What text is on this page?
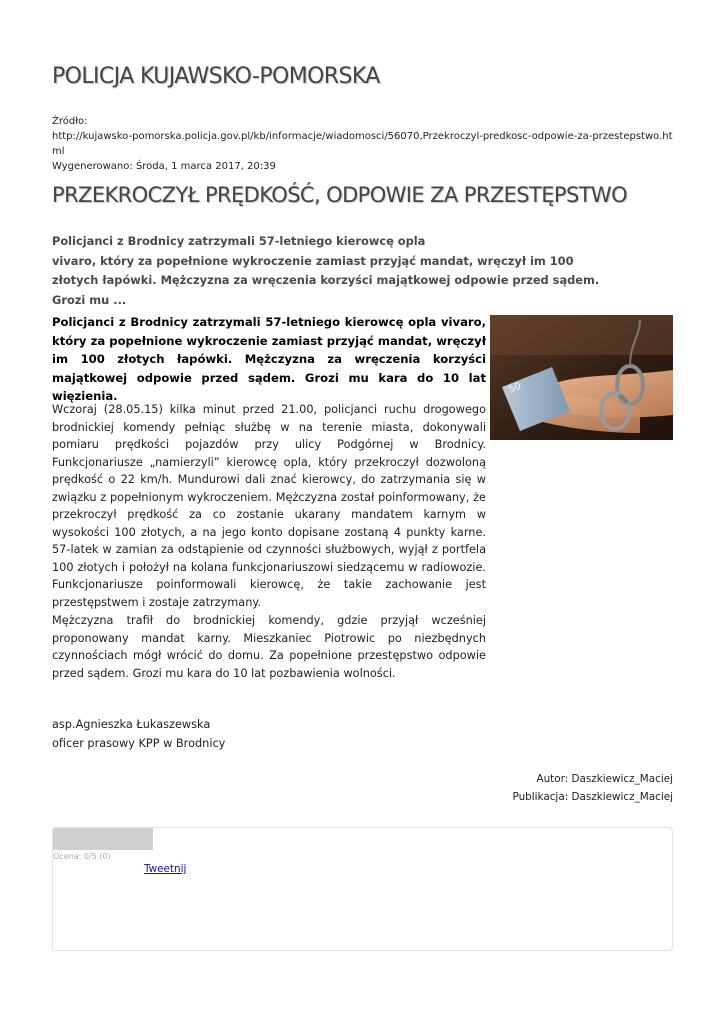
POLICJA KUJAWSKO-POMORSKA
Źródło:
http://kujawsko-pomorska.policja.gov.pl/kb/informacje/wiadomosci/56070,Przekroczyl-predkosc-odpowie-za-przestepstwo.html
Wygenerowano: Środa, 1 marca 2017, 20:39
PRZEKROCZYŁ PRĘDKOŚĆ, ODPOWIE ZA PRZESTĘPSTWO
Policjanci z Brodnicy zatrzymali 57-letniego kierowcę opla
vivaro, który za popełnione wykroczenie zamiast przyjąć mandat, wręczył im 100
złotych łapówki. Mężczyzna za wręczenia korzyści majątkowej odpowie przed sądem.
Grozi mu ...
50
Policjanci z Brodnicy zatrzymali 57-letniego kierowcę opla vivaro, który za popełnione wykroczenie zamiast przyjąć mandat, wręczył im 100 złotych łapówki. Mężczyzna za wręczenia korzyści majątkowej odpowie przed sądem. Grozi mu kara do 10 lat więzienia.
Wczoraj (28.05.15) kilka minut przed 21.00, policjanci ruchu drogowego brodnickiej komendy pełniąc służbę w na terenie miasta, dokonywali pomiaru prędkości pojazdów przy ulicy Podgórnej w Brodnicy. Funkcjonariusze „namierzyli” kierowcę opla, który przekroczył dozwoloną prędkość o 22 km/h. Mundurowi dali znać kierowcy, do zatrzymania się w związku z popełnionym wykroczeniem. Mężczyzna został poinformowany, że przekroczył prędkość za co zostanie ukarany mandatem karnym w wysokości 100 złotych, a na jego konto dopisane zostaną 4 punkty karne. 57-latek w zamian za odstąpienie od czynności służbowych, wyjął z portfela 100 złotych i położył na kolana funkcjonariuszowi siedzącemu w radiowozie. Funkcjonariusze poinformowali kierowcę, że takie zachowanie jest przestępstwem i zostaje zatrzymany.
Mężczyzna trafił do brodnickiej komendy, gdzie przyjął wcześniej proponowany mandat karny. Mieszkaniec Piotrowic po niezbędnych czynnościach mógł wrócić do domu. Za popełnione przestępstwo odpowie przed sądem. Grozi mu kara do 10 lat pozbawienia wolności.
asp.Agnieszka Łukaszewska
oficer prasowy KPP w Brodnicy
Autor: Daszkiewicz_Maciej
Publikacja: Daszkiewicz_Maciej
Ocena: 0/5 (0)
Tweetnij
